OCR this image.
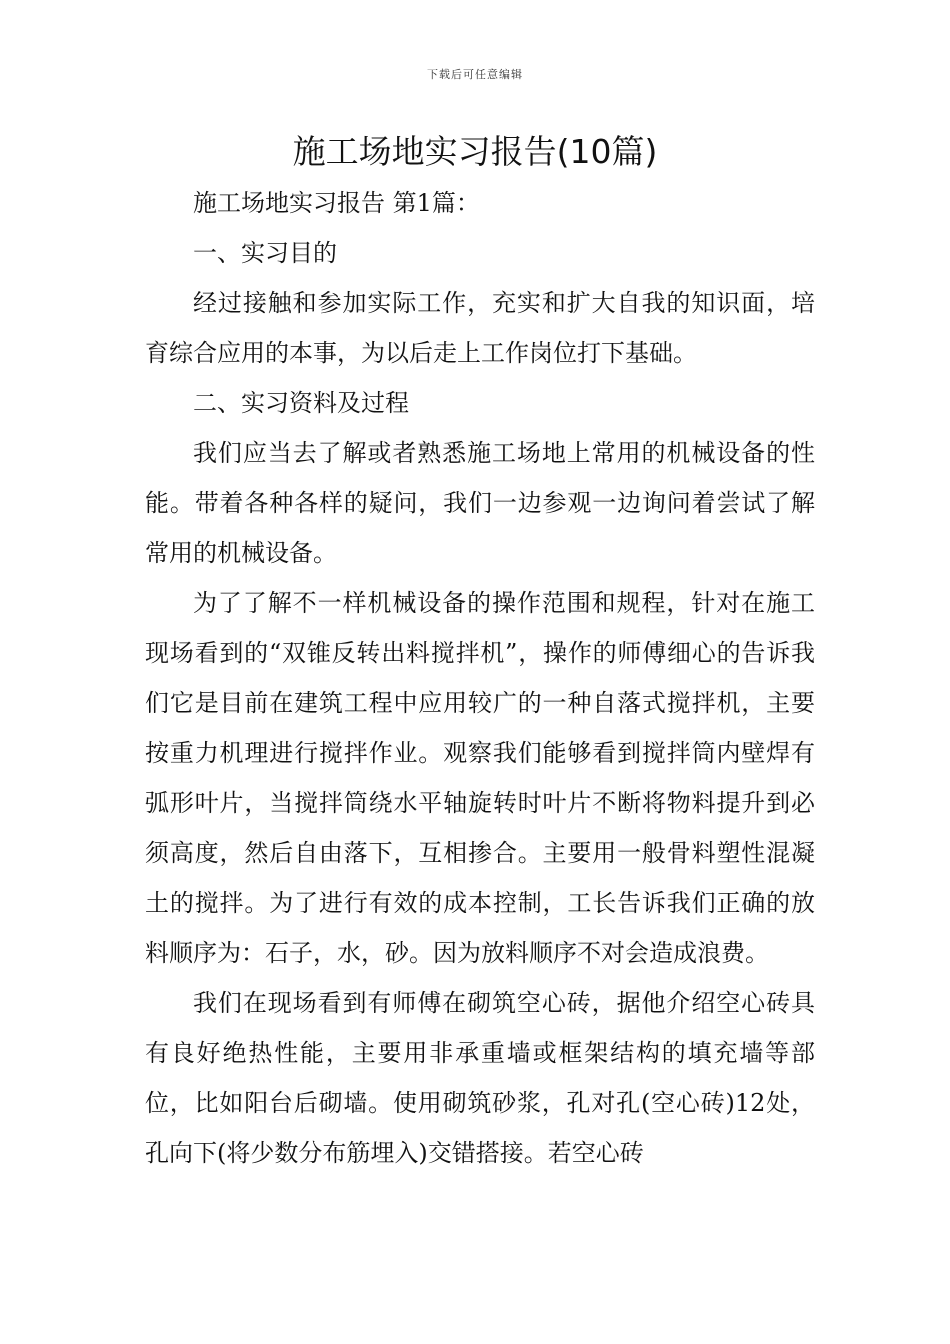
下载后可任意编辑
施工场地实习报告(10篇)

施工场地实习报告 第1篇：

一、实习目的

经过接触和参加实际工作，充实和扩大自我的知识面，培育综合应用的本事，为以后走上工作岗位打下基础。

二、实习资料及过程

我们应当去了解或者熟悉施工场地上常用的机械设备的性能。带着各种各样的疑问，我们一边参观一边询问着尝试了解常用的机械设备。

为了了解不一样机械设备的操作范围和规程，针对在施工现场看到的“双锥反转出料搅拌机”，操作的师傅细心的告诉我们它是目前在建筑工程中应用较广的一种自落式搅拌机，主要按重力机理进行搅拌作业。观察我们能够看到搅拌筒内壁焊有弧形叶片，当搅拌筒绕水平轴旋转时叶片不断将物料提升到必须高度，然后自由落下，互相掺合。主要用一般骨料塑性混凝土的搅拌。为了进行有效的成本控制，工长告诉我们正确的放料顺序为：石子，水，砂。因为放料顺序不对会造成浪费。

我们在现场看到有师傅在砌筑空心砖，据他介绍空心砖具有良好绝热性能，主要用非承重墙或框架结构的填充墙等部位，比如阳台后砌墙。使用砌筑砂浆，孔对孔(空心砖)12处，孔向下(将少数分布筋埋入)交错搭接。若空心砖
